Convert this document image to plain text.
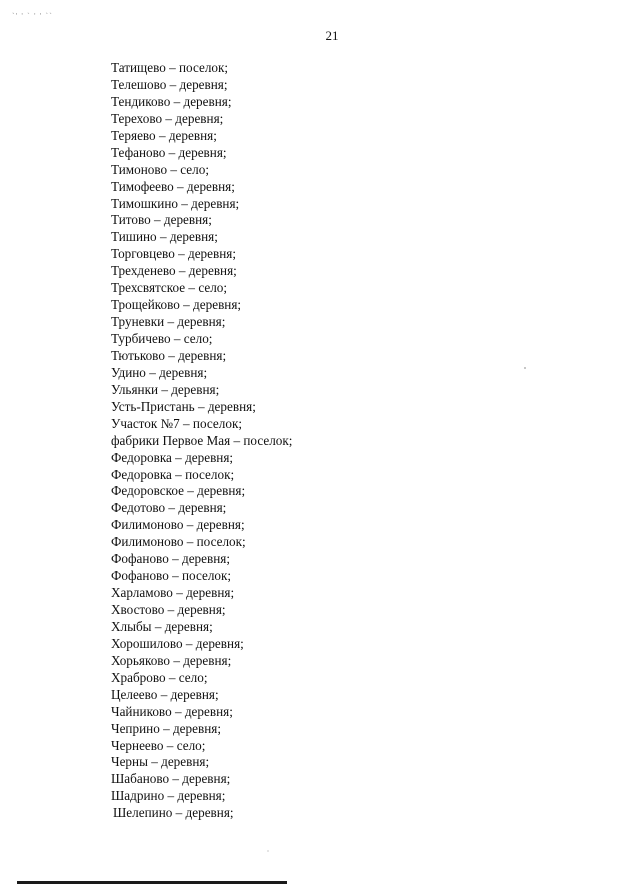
`' ' ` ' ' ``
21
Татищево – поселок;
Телешово – деревня;
Тендиково – деревня;
Терехово – деревня;
Теряево – деревня;
Тефаново – деревня;
Тимоново – село;
Тимофеево – деревня;
Тимошкино – деревня;
Титово – деревня;
Тишино – деревня;
Торговцево – деревня;
Трехденево – деревня;
Трехсвятское – село;
Трощейково – деревня;
Труневки – деревня;
Турбичево – село;
Тютьково – деревня;
Удино – деревня;
Ульянки – деревня;
Усть-Пристань – деревня;
Участок №7 – поселок;
фабрики Первое Мая – поселок;
Федоровка – деревня;
Федоровка – поселок;
Федоровское – деревня;
Федотово – деревня;
Филимоново – деревня;
Филимоново – поселок;
Фофаново – деревня;
Фофаново – поселок;
Харламово – деревня;
Хвостово – деревня;
Хлыбы – деревня;
Хорошилово – деревня;
Хорьяково – деревня;
Храброво – село;
Целеево – деревня;
Чайниково – деревня;
Чеприно – деревня;
Чернеево – село;
Черны – деревня;
Шабаново – деревня;
Шадрино – деревня;
Шелепино – деревня;
